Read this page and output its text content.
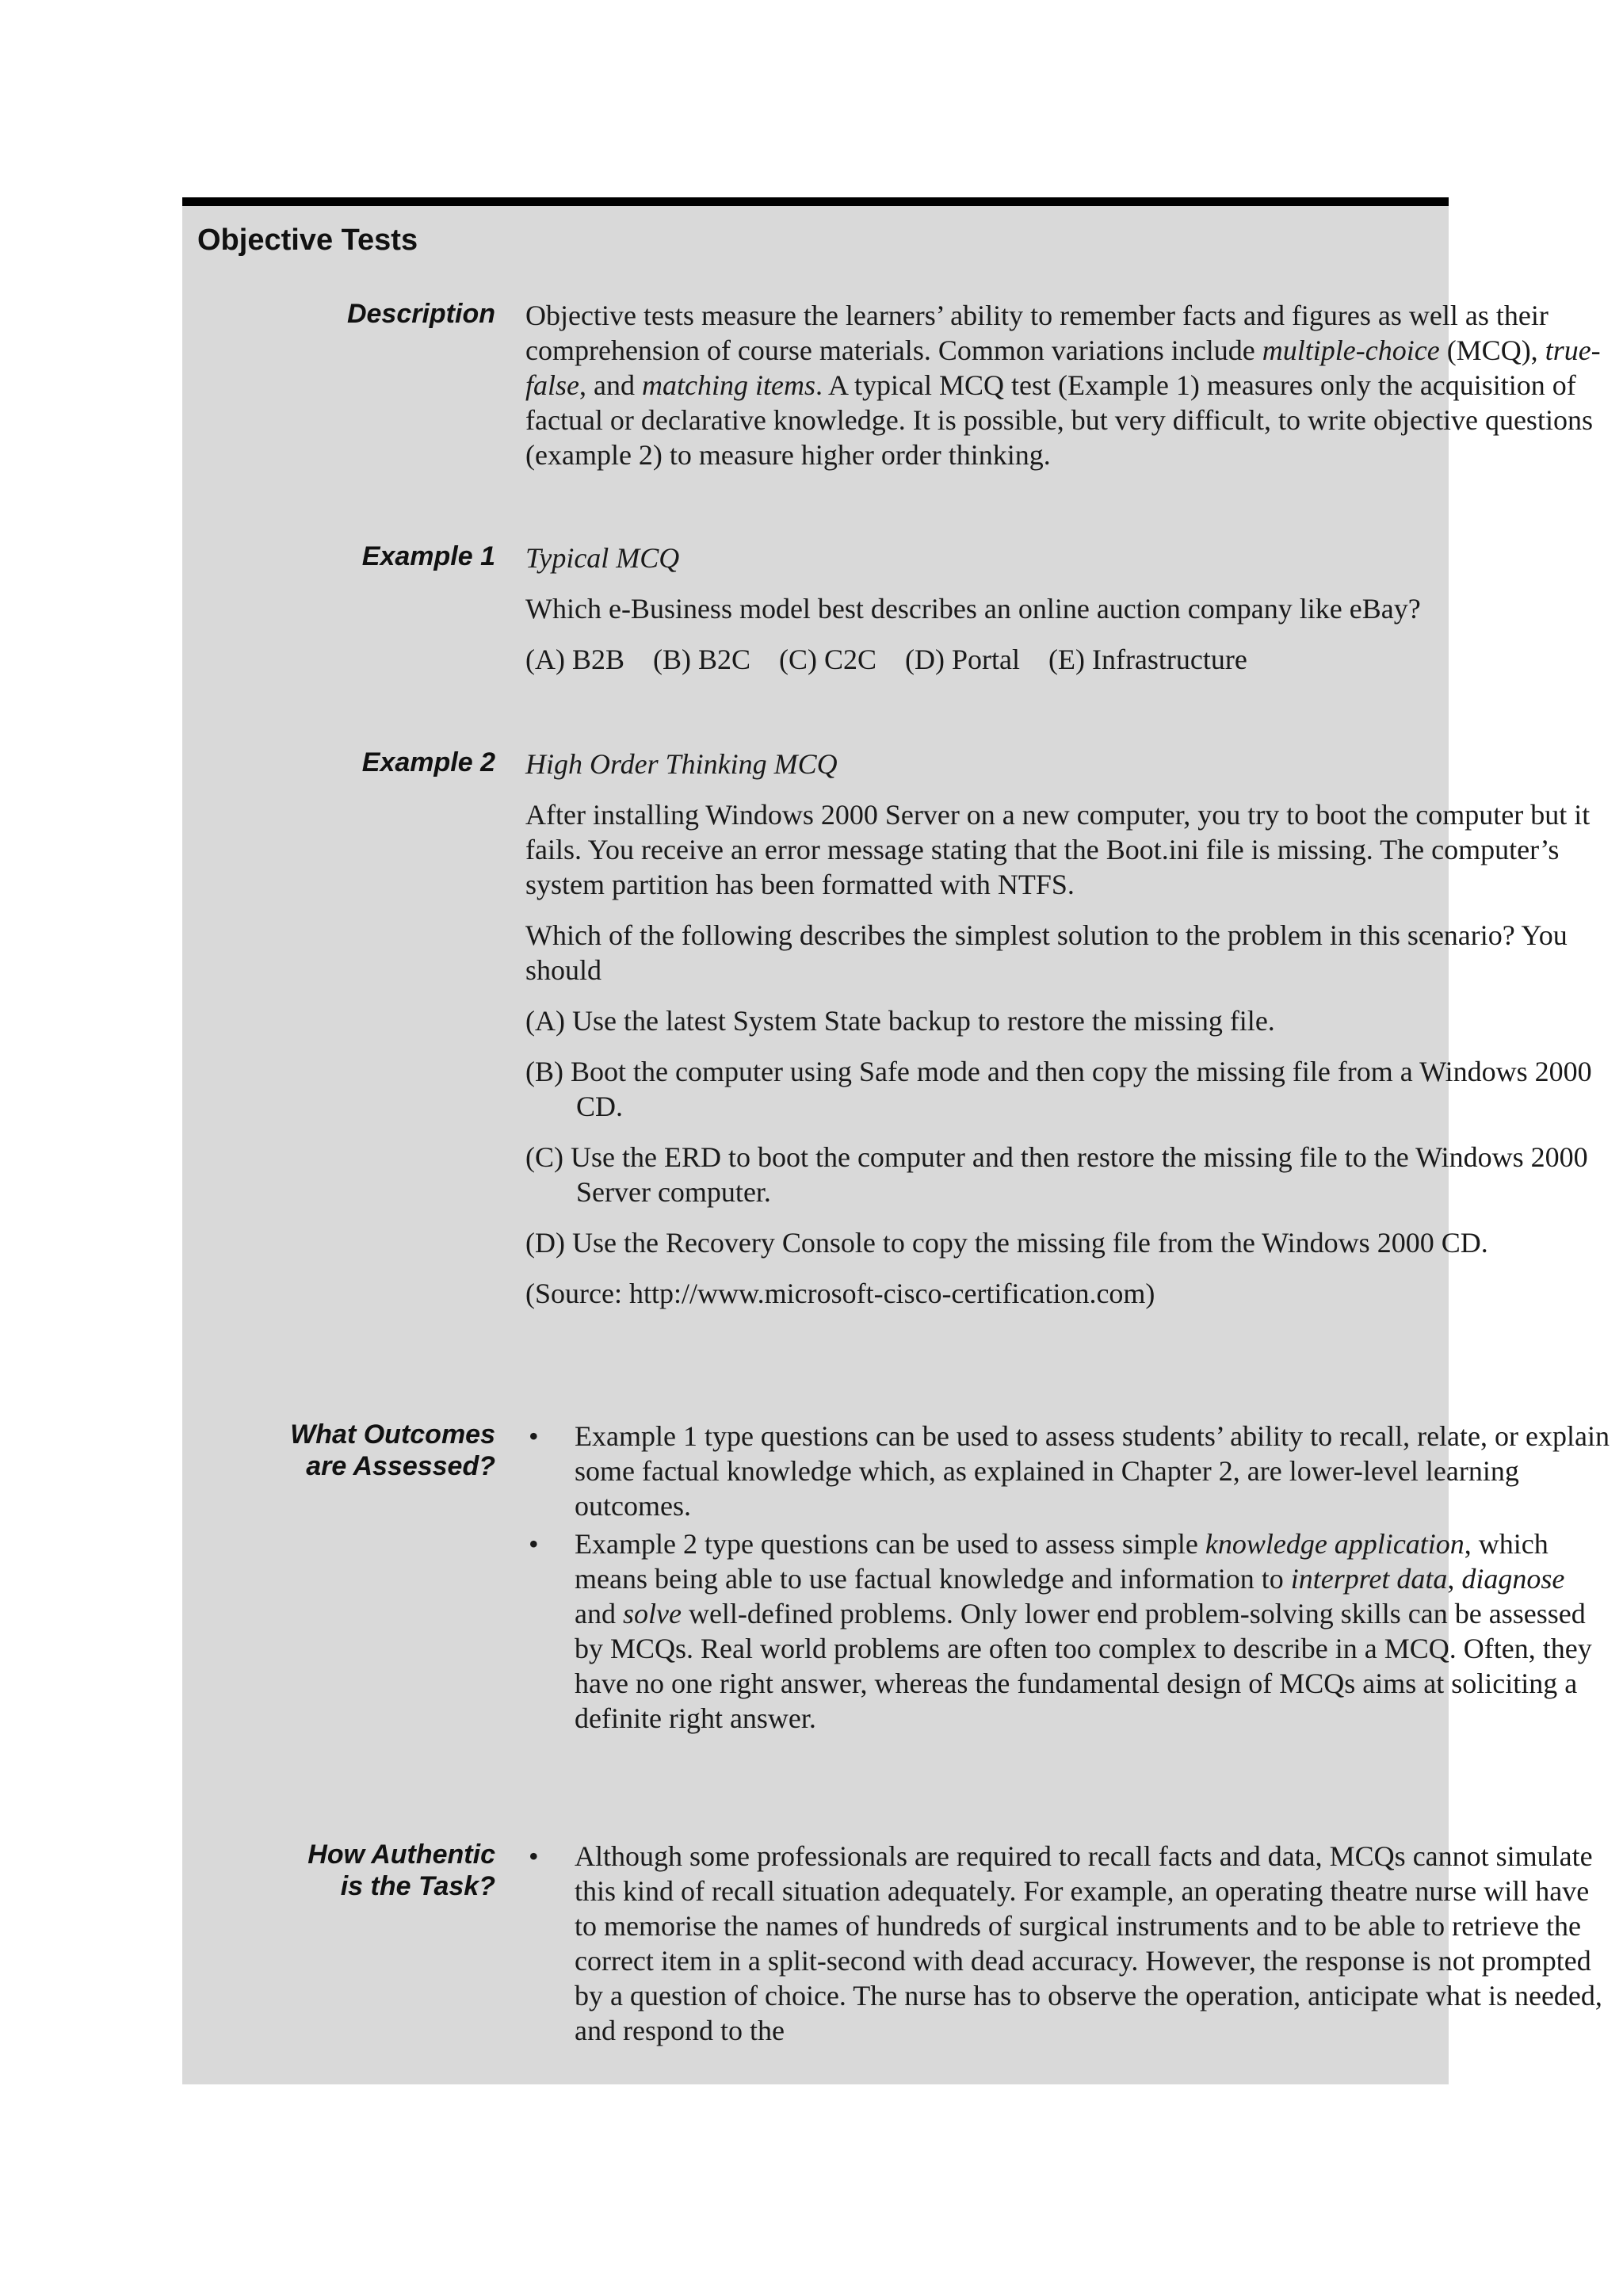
Objective Tests
Description Objective tests measure the learners’ ability to remember facts and figures as well as their comprehension of course materials. Common variations include multiple-choice (MCQ), true-false, and matching items. A typical MCQ test (Example 1) measures only the acquisition of factual or declarative knowledge. It is possible, but very difficult, to write objective questions (example 2) to measure higher order thinking.

Example 1 Typical MCQ

Which e-Business model best describes an online auction company like eBay?

(A) B2B (B) B2C (C) C2C (D) Portal (E) Infrastructure

Example 2 High Order Thinking MCQ

After installing Windows 2000 Server on a new computer, you try to boot the computer but it fails. You receive an error message stating that the Boot.ini file is missing. The computer’s system partition has been formatted with NTFS.

Which of the following describes the simplest solution to the problem in this scenario? You should

(A) Use the latest System State backup to restore the missing file.

(B) Boot the computer using Safe mode and then copy the missing file from a Windows 2000 CD.

(C) Use the ERD to boot the computer and then restore the missing file to the Windows 2000 Server computer.

(D) Use the Recovery Console to copy the missing file from the Windows 2000 CD.

(Source: http://www.microsoft-cisco-certification.com)

What Outcomes
are Assessed?
• Example 1 type questions can be used to assess students’ ability to recall, relate, or explain some factual knowledge which, as explained in Chapter 2, are lower-level learning outcomes.
• Example 2 type questions can be used to assess simple knowledge application, which means being able to use factual knowledge and information to interpret data, diagnose and solve well-defined problems. Only lower end problem-solving skills can be assessed by MCQs. Real world problems are often too complex to describe in a MCQ. Often, they have no one right answer, whereas the fundamental design of MCQs aims at soliciting a definite right answer.
How Authentic
is the Task?
• Although some professionals are required to recall facts and data, MCQs cannot simulate this kind of recall situation adequately. For example, an operating theatre nurse will have to memorise the names of hundreds of surgical instruments and to be able to retrieve the correct item in a split-second with dead accuracy. However, the response is not prompted by a question of choice. The nurse has to observe the operation, anticipate what is needed, and respond to the
